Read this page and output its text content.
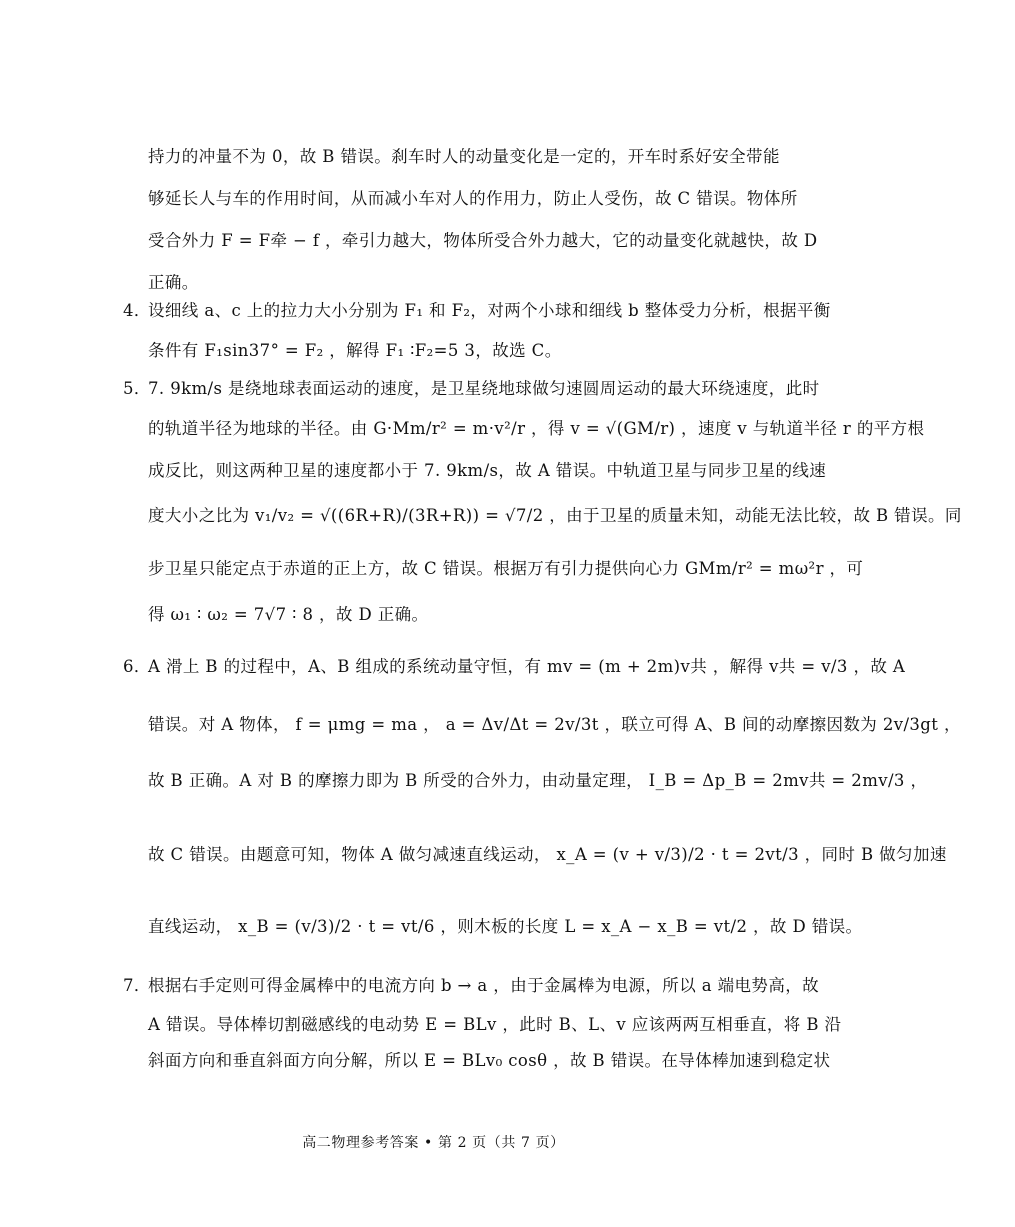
持力的冲量不为 0，故 B 错误。刹车时人的动量变化是一定的，开车时系好安全带能
够延长人与车的作用时间，从而减小车对人的作用力，防止人受伤，故 C 错误。物体所
受合外力 F = F牵 − f ，牵引力越大，物体所受合外力越大，它的动量变化就越快，故 D
正确。
4．
设细线 a、c 上的拉力大小分别为 F₁ 和 F₂，对两个小球和细线 b 整体受力分析，根据平衡
条件有 F₁sin37° = F₂ ，解得 F₁ ∶F₂=5 3，故选 C。
5．
7. 9km/s 是绕地球表面运动的速度，是卫星绕地球做匀速圆周运动的最大环绕速度，此时
的轨道半径为地球的半径。由 G·Mm/r² = m·v²/r ，得 v = √(GM/r) ，速度 v 与轨道半径 r 的平方根
成反比，则这两种卫星的速度都小于 7. 9km/s，故 A 错误。中轨道卫星与同步卫星的线速
度大小之比为 v₁/v₂ = √((6R+R)/(3R+R)) = √7/2 ，由于卫星的质量未知，动能无法比较，故 B 错误。同
步卫星只能定点于赤道的正上方，故 C 错误。根据万有引力提供向心力 GMm/r² = mω²r ，可
得 ω₁ ∶ ω₂ = 7√7 ∶ 8 ，故 D 正确。
6．
A 滑上 B 的过程中，A、B 组成的系统动量守恒，有 mv = (m + 2m)v共 ，解得 v共 = v/3 ，故 A
错误。对 A 物体， f = μmg = ma ， a = Δv/Δt = 2v/3t ，联立可得 A、B 间的动摩擦因数为 2v/3gt ，
故 B 正确。A 对 B 的摩擦力即为 B 所受的合外力，由动量定理， I_B = Δp_B = 2mv共 = 2mv/3 ，
故 C 错误。由题意可知，物体 A 做匀减速直线运动， x_A = (v + v/3)/2 · t = 2vt/3 ，同时 B 做匀加速
直线运动， x_B = (v/3)/2 · t = vt/6 ，则木板的长度 L = x_A − x_B = vt/2 ，故 D 错误。
7．
根据右手定则可得金属棒中的电流方向 b → a ，由于金属棒为电源，所以 a 端电势高，故
A 错误。导体棒切割磁感线的电动势 E = BLv ，此时 B、L、v 应该两两互相垂直，将 B 沿
斜面方向和垂直斜面方向分解，所以 E = BLv₀ cosθ ，故 B 错误。在导体棒加速到稳定状
高二物理参考答案 • 第 2 页（共 7 页）
